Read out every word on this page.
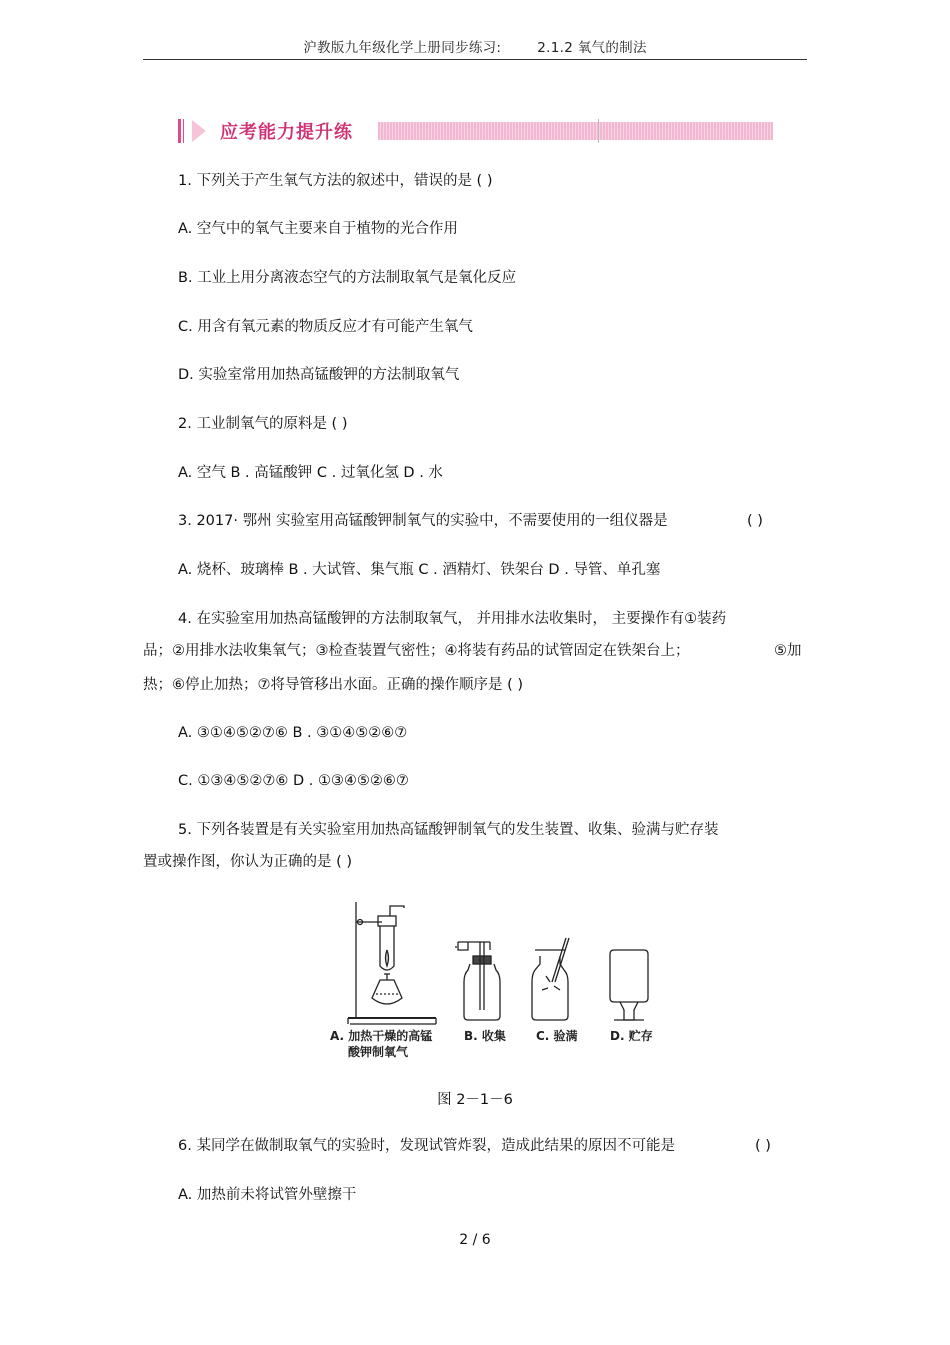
沪教版九年级化学上册同步练习:	2.1.2 氧气的制法
应考能力提升练
1. 下列关于产生氧气方法的叙述中，错误的是 ( )
A. 空气中的氧气主要来自于植物的光合作用
B. 工业上用分离液态空气的方法制取氧气是氧化反应
C. 用含有氧元素的物质反应才有可能产生氧气
D. 实验室常用加热高锰酸钾的方法制取氧气
2. 工业制氧气的原料是 ( )
A. 空气 B . 高锰酸钾 C . 过氧化氢 D . 水
3. 2017· 鄂州 实验室用高锰酸钾制氧气的实验中，不需要使用的一组仪器是	( )
A. 烧杯、玻璃棒 B . 大试管、集气瓶 C . 酒精灯、铁架台 D . 导管、单孔塞
4. 在实验室用加热高锰酸钾的方法制取氧气， 并用排水法收集时， 主要操作有①装药
品；②用排水法收集氧气；③检查装置气密性；④将装有药品的试管固定在铁架台上；	⑤加
热；⑥停止加热；⑦将导管移出水面。正确的操作顺序是 ( )
A. ③①④⑤②⑦⑥ B . ③①④⑤②⑥⑦
C. ①③④⑤②⑦⑥ D . ①③④⑤②⑥⑦
5. 下列各装置是有关实验室用加热高锰酸钾制氧气的发生装置、收集、验满与贮存装
置或操作图，你认为正确的是 ( )
A. 加热干燥的高锰
酸钾制氧气
B. 收集	C. 验满	D. 贮存
图 2－1－6
6. 某同学在做制取氧气的实验时，发现试管炸裂，造成此结果的原因不可能是	( )
A. 加热前未将试管外壁擦干
2 / 6
